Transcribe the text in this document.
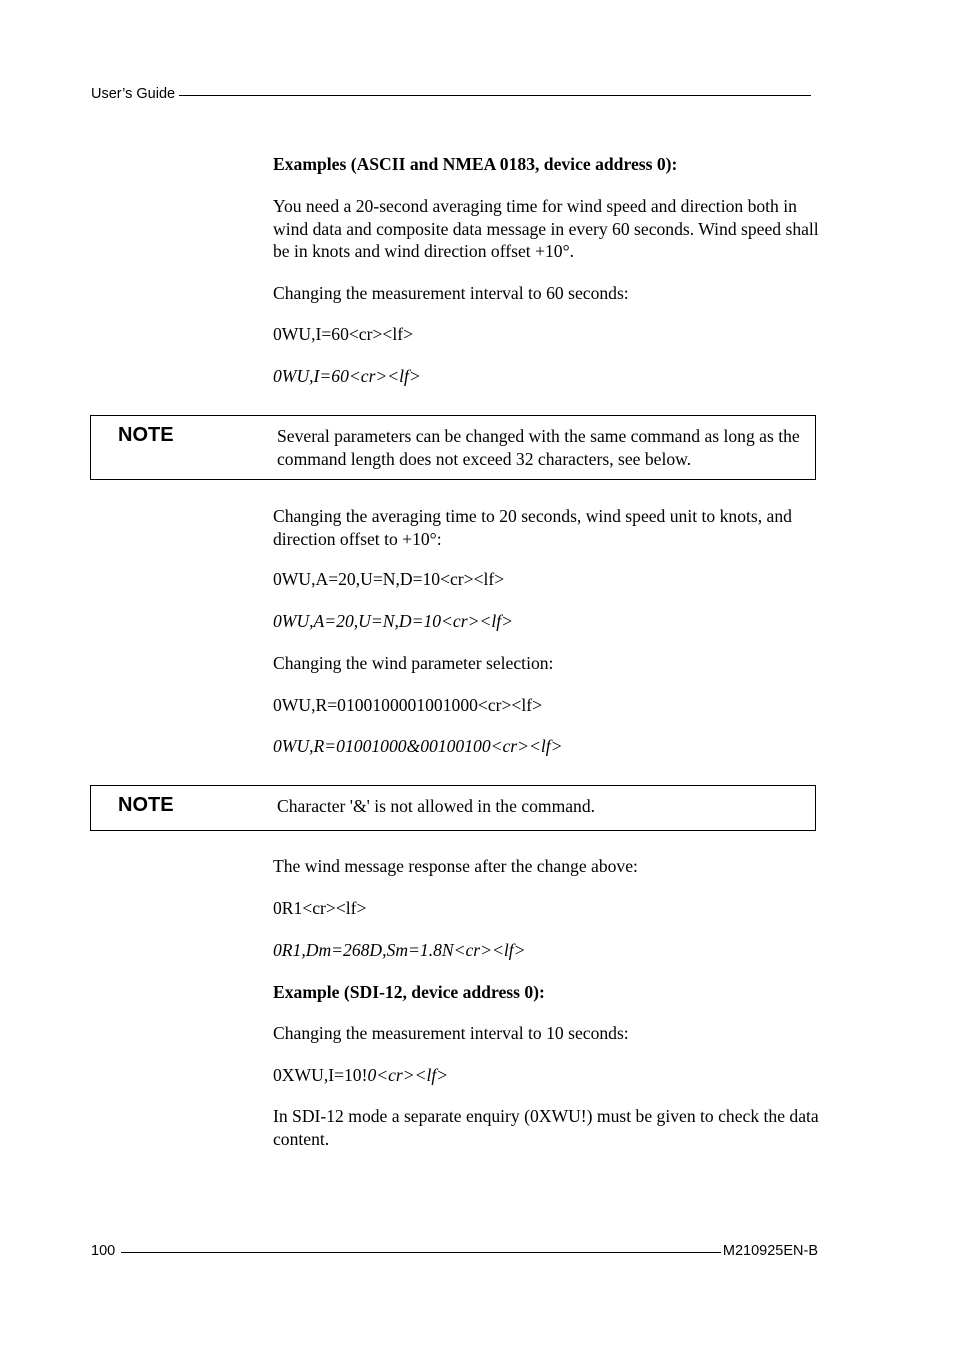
User’s Guide

Examples (ASCII and NMEA 0183, device address 0):

You need a 20-second averaging time for wind speed and direction both in wind data and composite data message in every 60 seconds. Wind speed shall be in knots and wind direction offset +10°.

Changing the measurement interval to 60 seconds:

0WU,I=60<cr><lf>

0WU,I=60<cr><lf>

NOTE	Several parameters can be changed with the same command as long as the command length does not exceed 32 characters, see below.

Changing the averaging time to 20 seconds, wind speed unit to knots, and direction offset to +10°:

0WU,A=20,U=N,D=10<cr><lf>

0WU,A=20,U=N,D=10<cr><lf>

Changing the wind parameter selection:

0WU,R=0100100001001000<cr><lf>

0WU,R=01001000&00100100<cr><lf>

NOTE	Character '&' is not allowed in the command.

The wind message response after the change above:

0R1<cr><lf>

0R1,Dm=268D,Sm=1.8N<cr><lf>

Example (SDI-12, device address 0):

Changing the measurement interval to 10 seconds:

0XWU,I=10!0<cr><lf>

In SDI-12 mode a separate enquiry (0XWU!) must be given to check the data content.

100	M210925EN-B
